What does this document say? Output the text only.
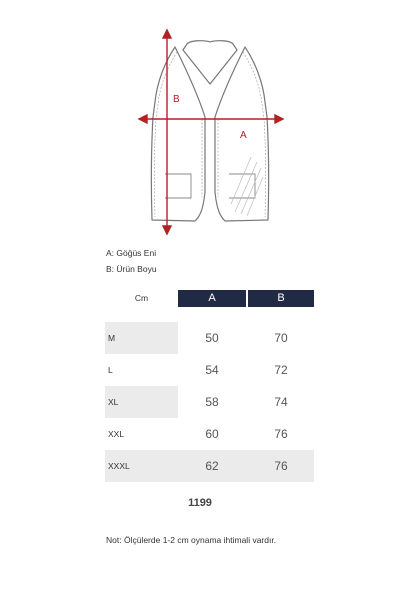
B
A
A: Göğüs Eni
B: Ürün Boyu
Cm	A	B
M	50	70
L	54	72
XL	58	74
XXL	60	76
XXXL	62	76
1199
Not: Ölçülerde 1-2 cm oynama ihtimali vardır.
